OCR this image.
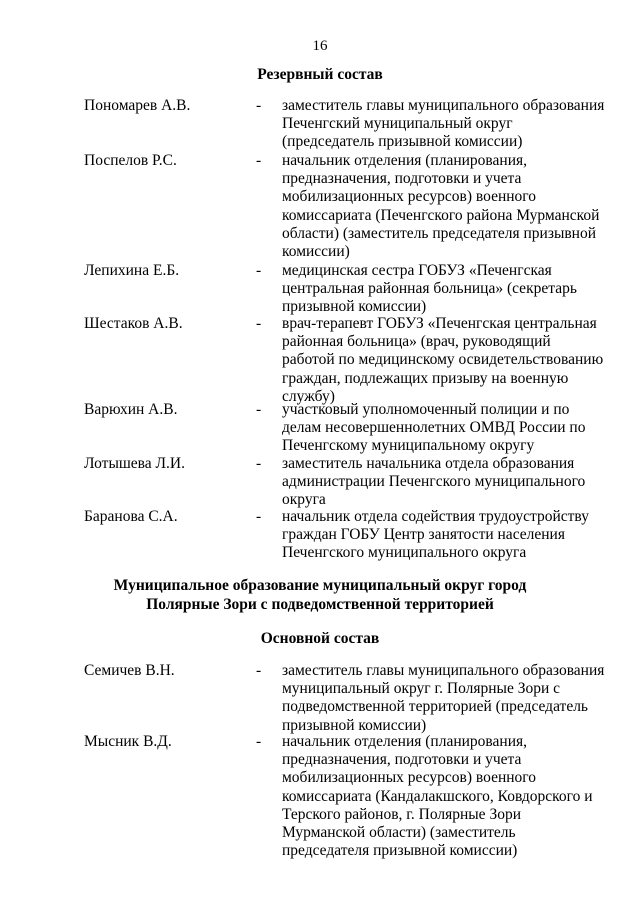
16
Резервный состав
Пономарев А.В.	- заместитель главы муниципального образования
Печенгский муниципальный округ
(председатель призывной комиссии)
Поспелов Р.С.	- начальник отделения (планирования,
предназначения, подготовки и учета
мобилизационных ресурсов) военного
комиссариата (Печенгского района Мурманской
области) (заместитель председателя призывной
комиссии)
Лепихина Е.Б.	- медицинская сестра ГОБУЗ «Печенгская
центральная районная больница» (секретарь
призывной комиссии)
Шестаков А.В.	- врач-терапевт ГОБУЗ «Печенгская центральная
районная больница» (врач, руководящий
работой по медицинскому освидетельствованию
граждан, подлежащих призыву на военную
службу)
Варюхин А.В.	- участковый уполномоченный полиции и по
делам несовершеннолетних ОМВД России по
Печенгскому муниципальному округу
Лотышева Л.И.	- заместитель начальника отдела образования
администрации Печенгского муниципального
округа
Баранова С.А.	- начальник отдела содействия трудоустройству
граждан ГОБУ Центр занятости населения
Печенгского муниципального округа
Муниципальное образование муниципальный округ город
Полярные Зори с подведомственной территорией
Основной состав
Семичев В.Н.	- заместитель главы муниципального образования
муниципальный округ г. Полярные Зори с
подведомственной территорией (председатель
призывной комиссии)
Мысник В.Д.	- начальник отделения (планирования,
предназначения, подготовки и учета
мобилизационных ресурсов) военного
комиссариата (Кандалакшского, Ковдорского и
Терского районов, г. Полярные Зори
Мурманской области) (заместитель
председателя призывной комиссии)
